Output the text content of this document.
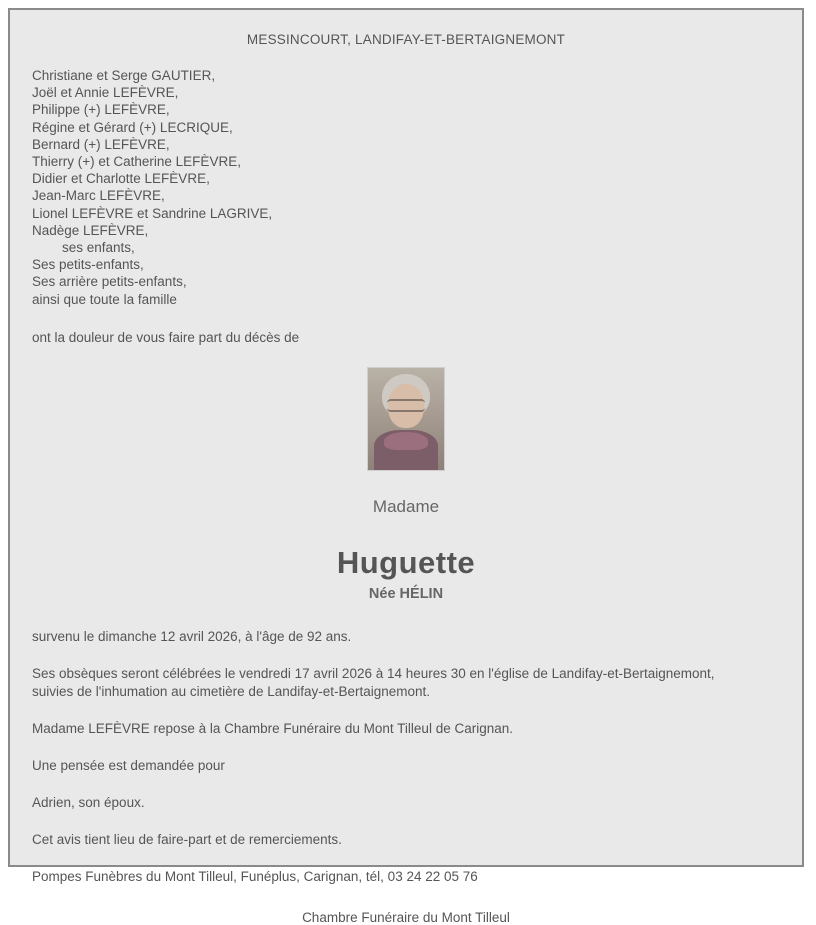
MESSINCOURT, LANDIFAY-ET-BERTAIGNEMONT
Christiane et Serge GAUTIER,
Joël et Annie LEFÈVRE,
Philippe (+) LEFÈVRE,
Régine et Gérard (+) LECRIQUE,
Bernard (+) LEFÈVRE,
Thierry (+) et Catherine LEFÈVRE,
Didier et Charlotte LEFÈVRE,
Jean-Marc LEFÈVRE,
Lionel LEFÈVRE et Sandrine LAGRIVE,
Nadège LEFÈVRE,
ses enfants,
Ses petits-enfants,
Ses arrière petits-enfants,
ainsi que toute la famille
ont la douleur de vous faire part du décès de
Madame
Huguette
Née HÉLIN

survenu le dimanche 12 avril 2026, à l'âge de 92 ans.

Ses obsèques seront célébrées le vendredi 17 avril 2026 à 14 heures 30 en l'église de Landifay-et-Bertaignemont,

suivies de l'inhumation au cimetière de Landifay-et-Bertaignemont.

Madame LEFÈVRE repose à la Chambre Funéraire du Mont Tilleul de Carignan.

Une pensée est demandée pour

Adrien, son époux.

Cet avis tient lieu de faire-part et de remerciements.

Pompes Funèbres du Mont Tilleul, Funéplus, Carignan, tél, 03 24 22 05 76

Chambre Funéraire du Mont Tilleul
